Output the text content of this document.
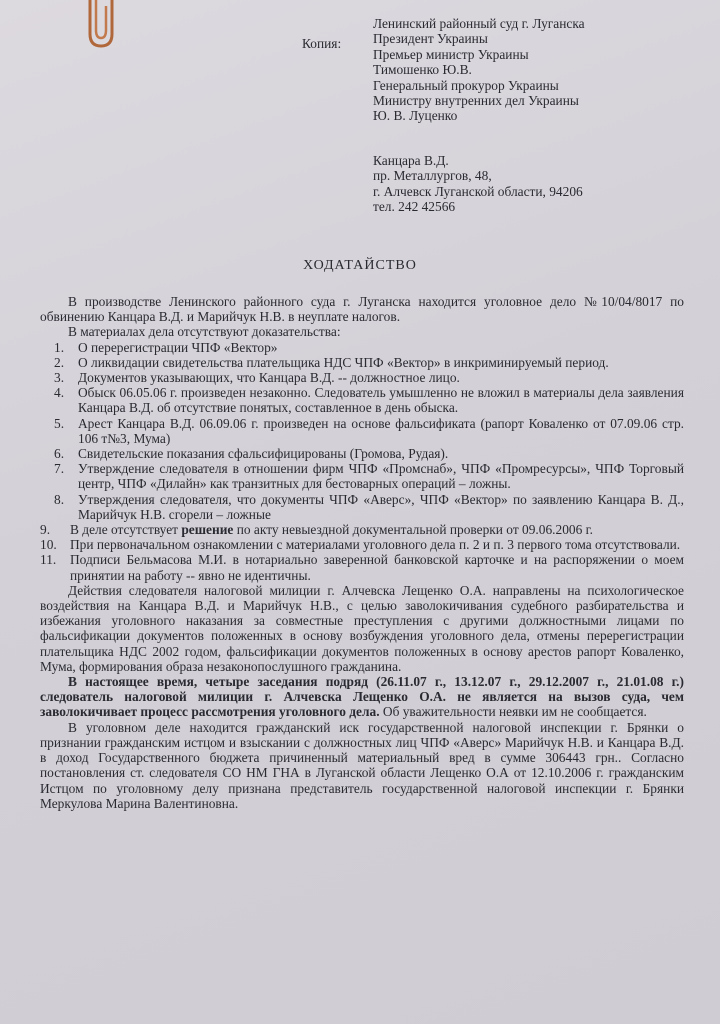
Копия:
Ленинский районный суд г. Луганска
Президент Украины
Премьер министр Украины
Тимошенко Ю.В.
Генеральный прокурор Украины
Министру внутренних дел Украины
Ю. В. Луценко
Канцара В.Д.
пр. Металлургов, 48,
г. Алчевск Луганской области, 94206
тел. 242 42566
ХОДАТАЙСТВО

В производстве Ленинского районного суда г. Луганска находится уголовное дело №10/04/8017 по обвинению Канцара В.Д. и Марийчук Н.В. в неуплате налогов.

В материалах дела отсутствуют доказательства:

1. О перерегистрации ЧПФ «Вектор»
2. О ликвидации свидетельства плательщика НДС ЧПФ «Вектор» в инкриминируемый период.
3. Документов указывающих, что Канцара В.Д. -- должностное лицо.
4. Обыск 06.05.06 г. произведен незаконно. Следователь умышленно не вложил в материалы дела заявления Канцара В.Д. об отсутствие понятых, составленное в день обыска.
5. Арест Канцара В.Д. 06.09.06 г. произведен на основе фальсификата (рапорт Коваленко от 07.09.06 стр. 106 т№3, Мума)
6. Свидетельские показания сфальсифицированы (Громова, Рудая).
7. Утверждение следователя в отношении фирм ЧПФ «Промснаб», ЧПФ «Промресурсы», ЧПФ Торговый центр, ЧПФ «Дилайн» как транзитных для бестоварных операций – ложны.
8. Утверждения следователя, что документы ЧПФ «Аверс», ЧПФ «Вектор» по заявлению Канцара В. Д., Марийчук Н.В. сгорели – ложные
9. В деле отсутствует решение по акту невыездной документальной проверки от 09.06.2006 г.
10. При первоначальном ознакомлении с материалами уголовного дела п. 2 и п. 3 первого тома отсутствовали.
11. Подписи Бельмасова М.И. в нотариально заверенной банковской карточке и на распоряжении о моем принятии на работу -- явно не идентичны.

Действия следователя налоговой милиции г. Алчевска Лещенко О.А. направлены на психологическое воздействия на Канцара В.Д. и Марийчук Н.В., с целью заволокичивания судебного разбирательства и избежания уголовного наказания за совместные преступления с другими должностными лицами по фальсификации документов положенных в основу возбуждения уголовного дела, отмены перерегистрации плательщика НДС 2002 годом, фальсификации документов положенных в основу арестов рапорт Коваленко, Мума, формирования образа незаконопослушного гражданина.

В настоящее время, четыре заседания подряд (26.11.07 г., 13.12.07 г., 29.12.2007 г., 21.01.08 г.) следователь налоговой милиции г. Алчевска Лещенко О.А. не является на вызов суда, чем заволокичивает процесс рассмотрения уголовного дела. Об уважительности неявки им не сообщается.

В уголовном деле находится гражданский иск государственной налоговой инспекции г. Брянки о признании гражданским истцом и взыскании с должностных лиц ЧПФ «Аверс» Марийчук Н.В. и Канцара В.Д. в доход Государственного бюджета причиненный материальный вред в сумме 306443 грн.. Согласно постановления ст. следователя СО НМ ГНА в Луганской области Лещенко О.А от 12.10.2006 г. гражданским Истцом по уголовному делу признана представитель государственной налоговой инспекции г. Брянки Меркулова Марина Валентиновна.
